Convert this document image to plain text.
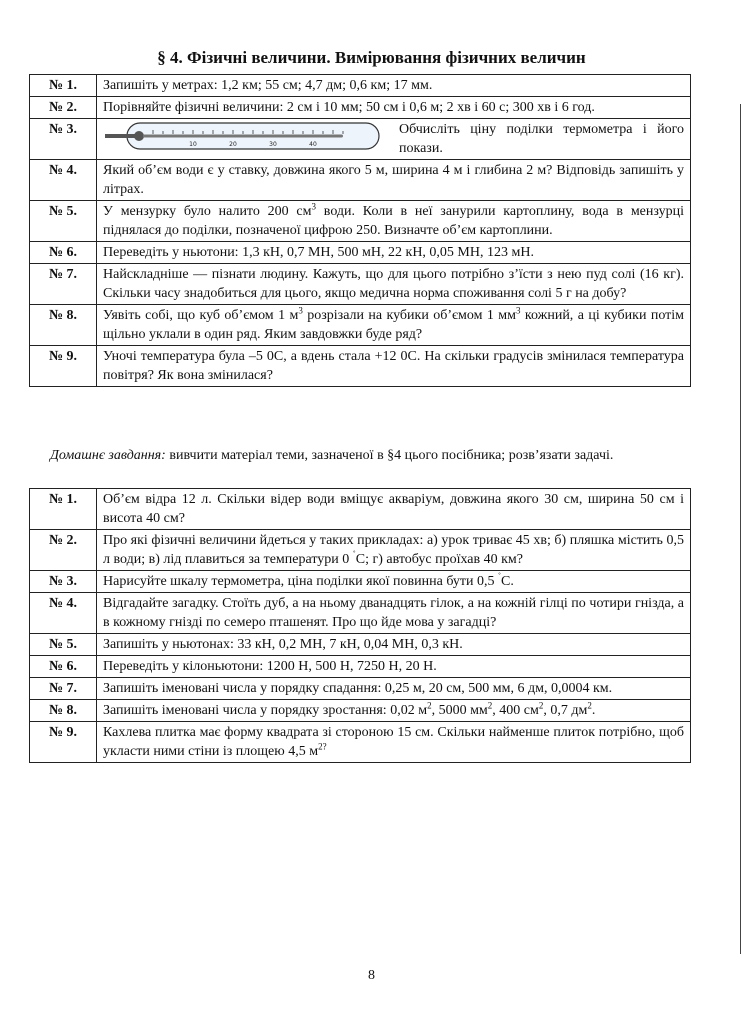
§ 4. Фізичні величини. Вимірювання фізичних величин
№ 1.	Запишіть у метрах: 1,2 км; 55 см; 4,7 дм; 0,6 км; 17 мм.
№ 2.	Порівняйте фізичні величини: 2 см і 10 мм; 50 см і 0,6 м; 2 хв і 60 с; 300 хв і 6 год.
№ 3.	10 20 30 40
Обчисліть ціну поділки термометра і його покази.

№ 4.	Який об’єм води є у ставку, довжина якого 5 м, ширина 4 м і глибина 2 м? Відповідь запишіть у літрах.
№ 5.	У мензурку було налито 200 $см^3$ води. Коли в неї занурили картоплину, вода в мензурці піднялася до поділки, позначеної цифрою 250. Визначте об’єм картоплини.
№ 6.	Переведіть у ньютони: 1,3 кН, 0,7 МН, 500 мН, 22 кН, 0,05 МН, 123 мН.
№ 7.	Найскладніше — пізнати людину. Кажуть, що для цього потрібно з’їсти з нею пуд солі (16 кг). Скільки часу знадобиться для цього, якщо медична норма споживання солі 5 г на добу?
№ 8.	Уявіть собі, що куб об’ємом 1 $м^3$ розрізали на кубики об’ємом 1 $мм^3$ кожний, а ці кубики потім щільно уклали в один ряд. Яким завдовжки буде ряд?
№ 9.	Уночі температура була –5 0С, а вдень стала +12 0С. На скільки градусів змінилася температура повітря? Як вона змінилася?
Домашнє завдання: вивчити матеріал теми, зазначеної в §4 цього посібника; розв’язати задачі.
№ 1.	Об’єм відра 12 л. Скільки відер води вміщує акваріум, довжина якого 30 см, ширина 50 см і висота 40 см?
№ 2.	Про які фізичні величини йдеться у таких прикладах: а) урок триває 45 хв; б) пляшка містить 0,5 л води; в) лід плавиться за температури 0 ˚С; г) автобус проїхав 40 км?
№ 3.	Нарисуйте шкалу термометра, ціна поділки якої повинна бути 0,5 ˚С.
№ 4.	Відгадайте загадку. Стоїть дуб, а на ньому дванадцять гілок, а на кожній гілці по чотири гнізда, а в кожному гнізді по семеро пташенят. Про що йде мова у загадці?
№ 5.	Запишіть у ньютонах: 33 кН, 0,2 МН, 7 кН, 0,04 МН, 0,3 кН.
№ 6.	Переведіть у кілоньютони: 1200 Н, 500 Н, 7250 Н, 20 Н.
№ 7.	Запишіть іменовані числа у порядку спадання: 0,25 м, 20 см, 500 мм, 6 дм, 0,0004 км.
№ 8.	Запишіть іменовані числа у порядку зростання: 0,02 $м^2$, 5000 $мм^2$, 400 $см^2$, 0,7 $дм^2$.
№ 9.	Кахлева плитка має форму квадрата зі стороною 15 см. Скільки найменше плиток потрібно, щоб укласти ними стіни із площею 4,5 $м^{2?}$
8
